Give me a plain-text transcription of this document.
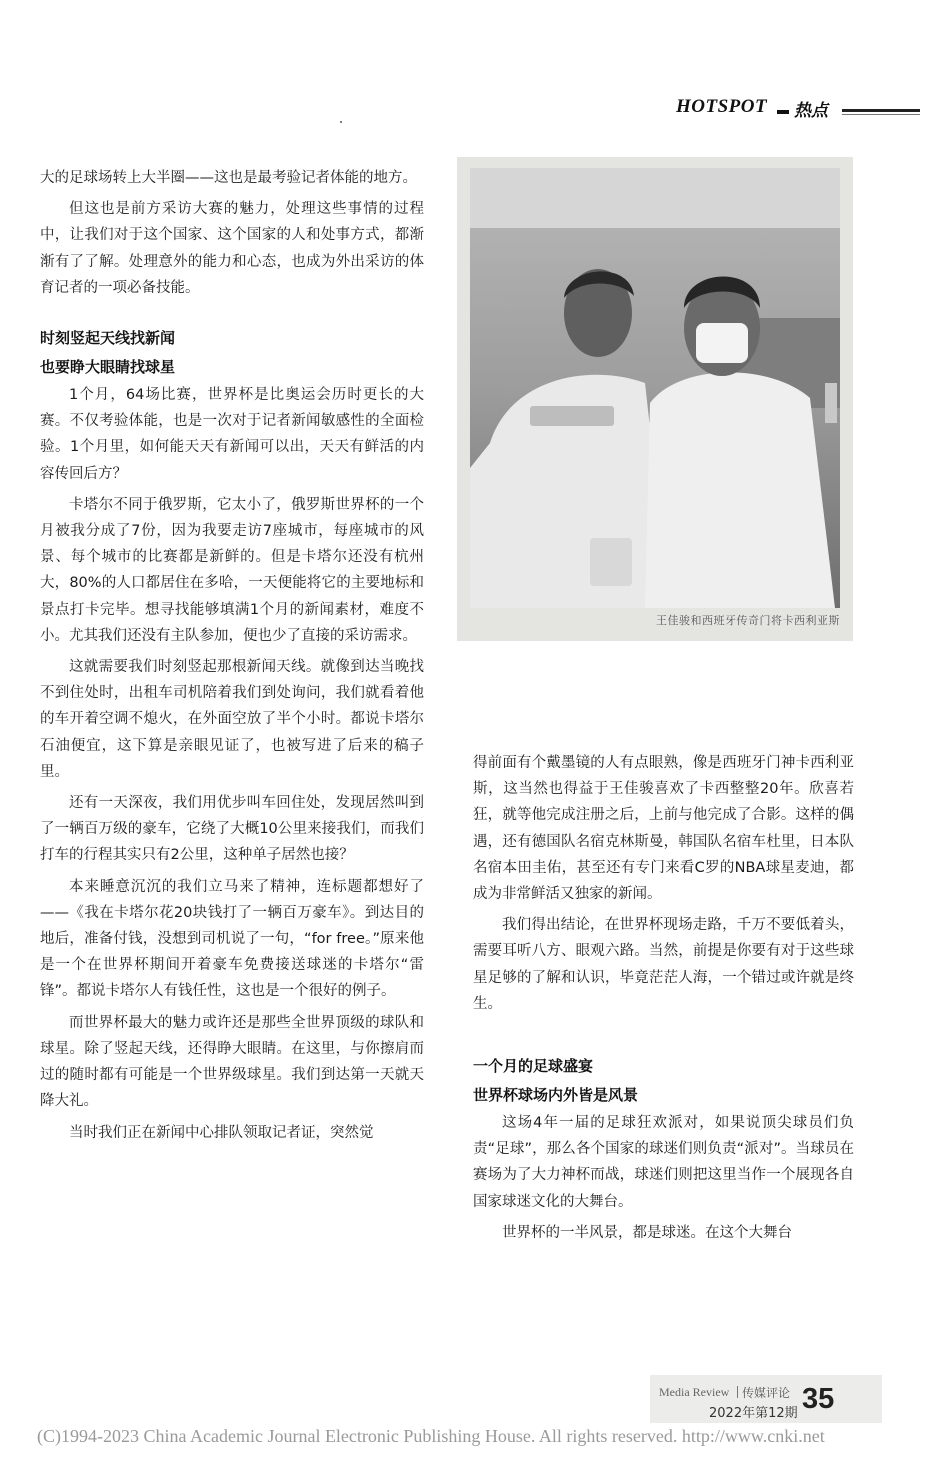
HOTSPOT 热点

大的足球场转上大半圈——这也是最考验记者体能的地方。

但这也是前方采访大赛的魅力，处理这些事情的过程中，让我们对于这个国家、这个国家的人和处事方式，都渐渐有了了解。处理意外的能力和心态，也成为外出采访的体育记者的一项必备技能。

时刻竖起天线找新闻
也要睁大眼睛找球星

1个月，64场比赛，世界杯是比奥运会历时更长的大赛。不仅考验体能，也是一次对于记者新闻敏感性的全面检验。1个月里，如何能天天有新闻可以出，天天有鲜活的内容传回后方？

卡塔尔不同于俄罗斯，它太小了，俄罗斯世界杯的一个月被我分成了7份，因为我要走访7座城市，每座城市的风景、每个城市的比赛都是新鲜的。但是卡塔尔还没有杭州大，80%的人口都居住在多哈，一天便能将它的主要地标和景点打卡完毕。想寻找能够填满1个月的新闻素材，难度不小。尤其我们还没有主队参加，便也少了直接的采访需求。

这就需要我们时刻竖起那根新闻天线。就像到达当晚找不到住处时，出租车司机陪着我们到处询问，我们就看着他的车开着空调不熄火，在外面空放了半个小时。都说卡塔尔石油便宜，这下算是亲眼见证了，也被写进了后来的稿子里。

还有一天深夜，我们用优步叫车回住处，发现居然叫到了一辆百万级的豪车，它绕了大概10公里来接我们，而我们打车的行程其实只有2公里，这种单子居然也接？

本来睡意沉沉的我们立马来了精神，连标题都想好了——《我在卡塔尔花20块钱打了一辆百万豪车》。到达目的地后，准备付钱，没想到司机说了一句，“for free。”原来他是一个在世界杯期间开着豪车免费接送球迷的卡塔尔“雷锋”。都说卡塔尔人有钱任性，这也是一个很好的例子。

而世界杯最大的魅力或许还是那些全世界顶级的球队和球星。除了竖起天线，还得睁大眼睛。在这里，与你擦肩而过的随时都有可能是一个世界级球星。我们到达第一天就天降大礼。

当时我们正在新闻中心排队领取记者证，突然觉

王佳骏和西班牙传奇门将卡西利亚斯

得前面有个戴墨镜的人有点眼熟，像是西班牙门神卡西利亚斯，这当然也得益于王佳骏喜欢了卡西整整20年。欣喜若狂，就等他完成注册之后，上前与他完成了合影。这样的偶遇，还有德国队名宿克林斯曼，韩国队名宿车杜里，日本队名宿本田圭佑，甚至还有专门来看C罗的NBA球星麦迪，都成为非常鲜活又独家的新闻。

我们得出结论，在世界杯现场走路，千万不要低着头，需要耳听八方、眼观六路。当然，前提是你要有对于这些球星足够的了解和认识，毕竟茫茫人海，一个错过或许就是终生。

一个月的足球盛宴
世界杯球场内外皆是风景

这场4年一届的足球狂欢派对，如果说顶尖球员们负责“足球”，那么各个国家的球迷们则负责“派对”。当球员在赛场为了大力神杯而战，球迷们则把这里当作一个展现各自国家球迷文化的大舞台。

世界杯的一半风景，都是球迷。在这个大舞台

Media Review 传媒评论
2022年第12期 35
(C)1994-2023 China Academic Journal Electronic Publishing House. All rights reserved. http://www.cnki.net
